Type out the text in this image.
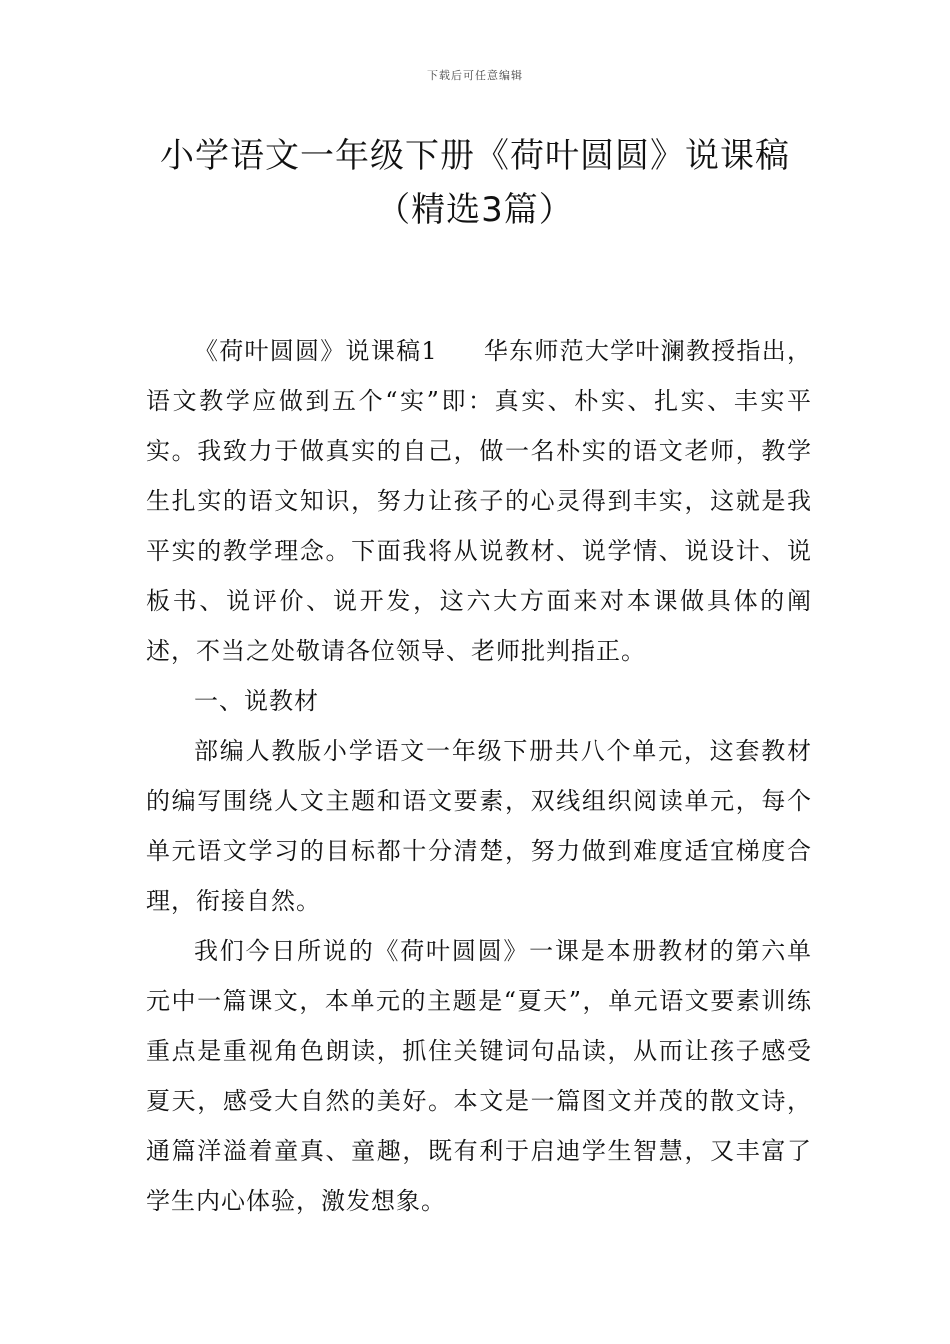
下载后可任意编辑
小学语文一年级下册《荷叶圆圆》说课稿
（精选3篇）

《荷叶圆圆》说课稿1 华东师范大学叶澜教授指出，语文教学应做到五个“实”即：真实、朴实、扎实、丰实平实。我致力于做真实的自己，做一名朴实的语文老师，教学生扎实的语文知识，努力让孩子的心灵得到丰实，这就是我平实的教学理念。下面我将从说教材、说学情、说设计、说板书、说评价、说开发，这六大方面来对本课做具体的阐述，不当之处敬请各位领导、老师批判指正。

一、说教材

部编人教版小学语文一年级下册共八个单元，这套教材的编写围绕人文主题和语文要素，双线组织阅读单元，每个单元语文学习的目标都十分清楚，努力做到难度适宜梯度合理，衔接自然。

我们今日所说的《荷叶圆圆》一课是本册教材的第六单元中一篇课文，本单元的主题是“夏天”，单元语文要素训练重点是重视角色朗读，抓住关键词句品读，从而让孩子感受夏天，感受大自然的美好。本文是一篇图文并茂的散文诗，通篇洋溢着童真、童趣，既有利于启迪学生智慧，又丰富了学生内心体验，激发想象。
